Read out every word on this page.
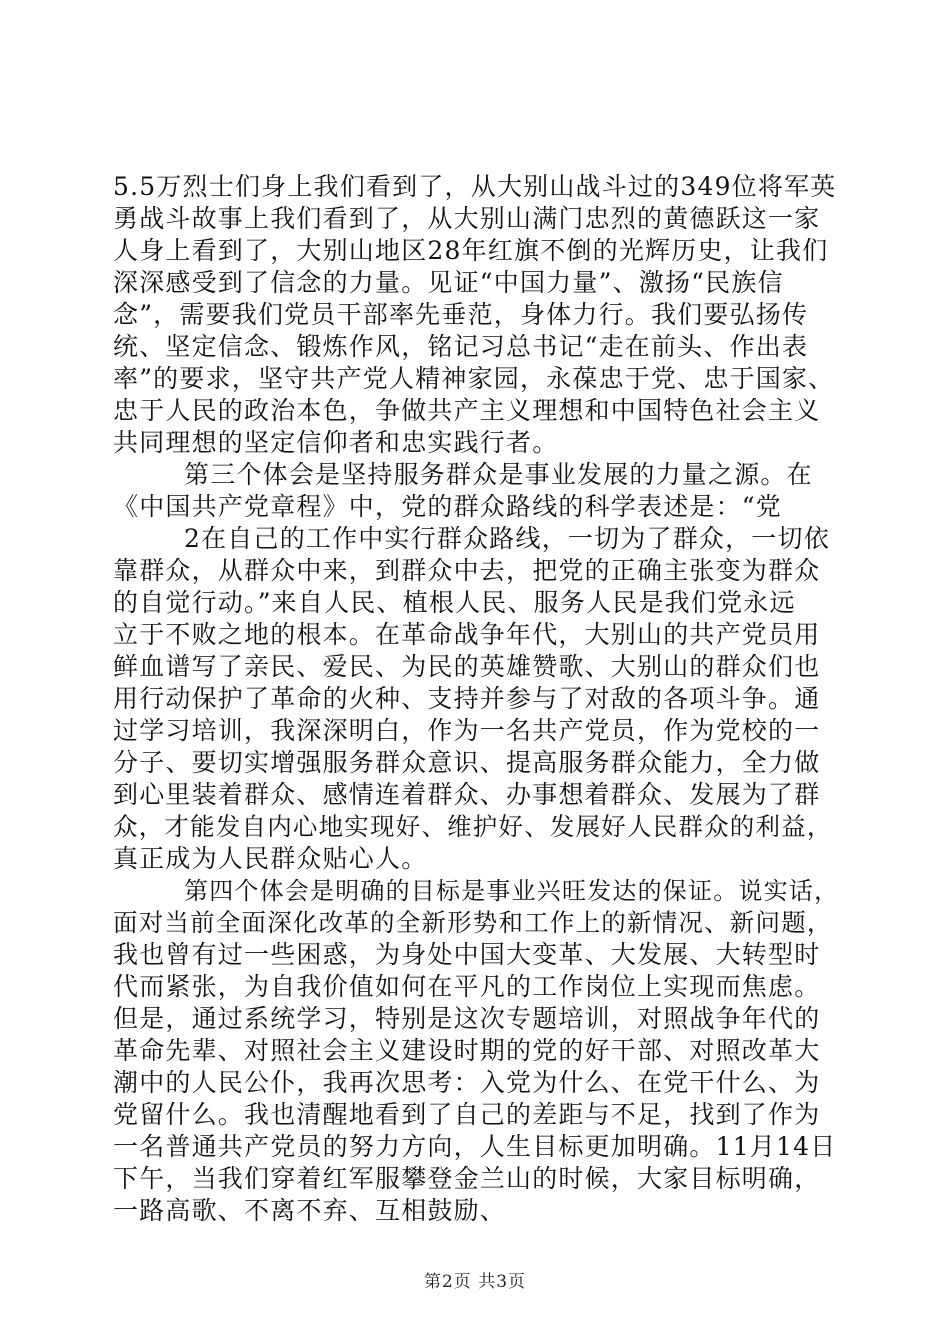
5.5万烈士们身上我们看到了，从大别山战斗过的349位将军英
勇战斗故事上我们看到了，从大别山满门忠烈的黄德跃这一家
人身上看到了，大别山地区28年红旗不倒的光辉历史，让我们
深深感受到了信念的力量。见证“中国力量”、激扬“民族信
念”，需要我们党员干部率先垂范，身体力行。我们要弘扬传
统、坚定信念、锻炼作风，铭记习总书记“走在前头、作出表
率”的要求，坚守共产党人精神家园，永葆忠于党、忠于国家、
忠于人民的政治本色，争做共产主义理想和中国特色社会主义
共同理想的坚定信仰者和忠实践行者。
第三个体会是坚持服务群众是事业发展的力量之源。在
《中国共产党章程》中，党的群众路线的科学表述是：“党
2在自己的工作中实行群众路线，一切为了群众，一切依
靠群众，从群众中来，到群众中去，把党的正确主张变为群众
的自觉行动。”来自人民、植根人民、服务人民是我们党永远
立于不败之地的根本。在革命战争年代，大别山的共产党员用
鲜血谱写了亲民、爱民、为民的英雄赞歌、大别山的群众们也
用行动保护了革命的火种、支持并参与了对敌的各项斗争。通
过学习培训，我深深明白，作为一名共产党员，作为党校的一
分子、要切实增强服务群众意识、提高服务群众能力，全力做
到心里装着群众、感情连着群众、办事想着群众、发展为了群
众，才能发自内心地实现好、维护好、发展好人民群众的利益，
真正成为人民群众贴心人。
第四个体会是明确的目标是事业兴旺发达的保证。说实话，
面对当前全面深化改革的全新形势和工作上的新情况、新问题，
我也曾有过一些困惑，为身处中国大变革、大发展、大转型时
代而紧张，为自我价值如何在平凡的工作岗位上实现而焦虑。
但是，通过系统学习，特别是这次专题培训，对照战争年代的
革命先辈、对照社会主义建设时期的党的好干部、对照改革大
潮中的人民公仆，我再次思考：入党为什么、在党干什么、为
党留什么。我也清醒地看到了自己的差距与不足，找到了作为
一名普通共产党员的努力方向，人生目标更加明确。11月14日
下午，当我们穿着红军服攀登金兰山的时候，大家目标明确，
一路高歌、不离不弃、互相鼓励、
第2页 共3页
